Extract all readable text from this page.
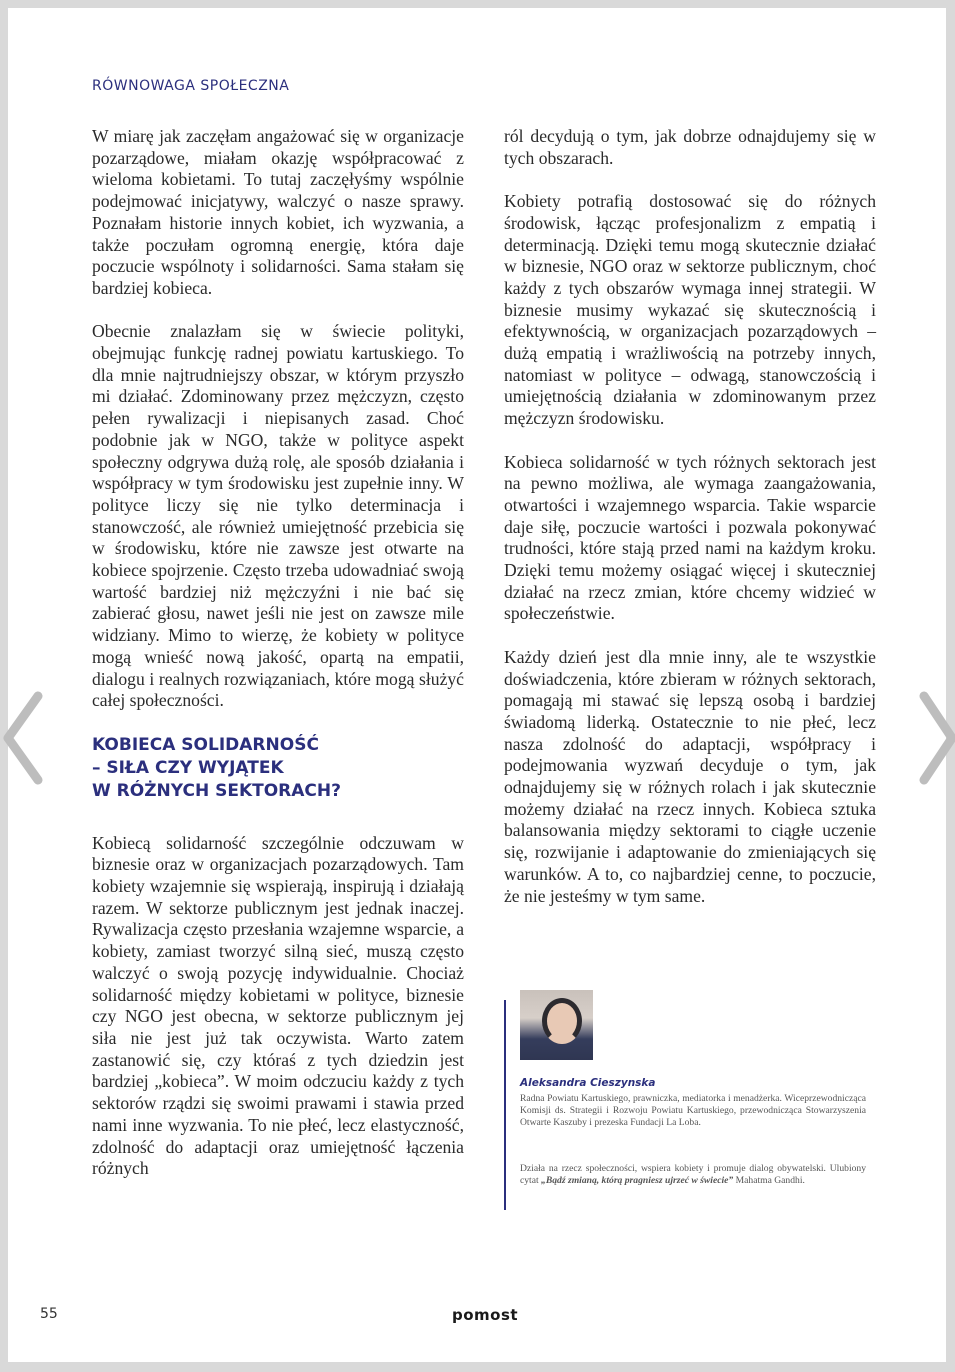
RÓWNOWAGA SPOŁECZNA

W miarę jak zaczęłam angażować się w organizacje pozarządowe, miałam okazję współpracować z wieloma kobietami. To tutaj zaczęłyśmy wspólnie podejmować inicjatywy, walczyć o nasze sprawy. Poznałam historie innych kobiet, ich wyzwania, a także poczułam ogromną energię, która daje poczucie wspólnoty i solidarności. Sama stałam się bardziej kobieca.

Obecnie znalazłam się w świecie polityki, obejmując funkcję radnej powiatu kartuskiego. To dla mnie najtrudniejszy obszar, w którym przyszło mi działać. Zdominowany przez mężczyzn, często pełen rywalizacji i niepisanych zasad. Choć podobnie jak w NGO, także w polityce aspekt społeczny odgrywa dużą rolę, ale sposób działania i współpracy w tym środowisku jest zupełnie inny. W polityce liczy się nie tylko determinacja i stanowczość, ale również umiejętność przebicia się w środowisku, które nie zawsze jest otwarte na kobiece spojrzenie. Często trzeba udowadniać swoją wartość bardziej niż mężczyźni i nie bać się zabierać głosu, nawet jeśli nie jest on zawsze mile widziany. Mimo to wierzę, że kobiety w polityce mogą wnieść nową jakość, opartą na empatii, dialogu i realnych rozwiązaniach, które mogą służyć całej społeczności.

KOBIECA SOLIDARNOŚĆ
– SIŁA CZY WYJĄTEK
W RÓŻNYCH SEKTORACH?

Kobiecą solidarność szczególnie odczuwam w biznesie oraz w organizacjach pozarządowych. Tam kobiety wzajemnie się wspierają, inspirują i działają razem. W sektorze publicznym jest jednak inaczej. Rywalizacja często przesłania wzajemne wsparcie, a kobiety, zamiast tworzyć silną sieć, muszą często walczyć o swoją pozycję indywidualnie. Chociaż solidarność między kobietami w polityce, biznesie czy NGO jest obecna, w sektorze publicznym jej siła nie jest już tak oczywista. Warto zatem zastanowić się, czy któraś z tych dziedzin jest bardziej „kobieca”. W moim odczuciu każdy z tych sektorów rządzi się swoimi prawami i stawia przed nami inne wyzwania. To nie płeć, lecz elastyczność, zdolność do adaptacji oraz umiejętność łączenia różnych

ról decydują o tym, jak dobrze odnajdujemy się w tych obszarach.

Kobiety potrafią dostosować się do różnych środowisk, łącząc profesjonalizm z empatią i determinacją. Dzięki temu mogą skutecznie działać w biznesie, NGO oraz w sektorze publicznym, choć każdy z tych obszarów wymaga innej strategii. W biznesie musimy wykazać się skutecznością i efektywnością, w organizacjach pozarządowych – dużą empatią i wrażliwością na potrzeby innych, natomiast w polityce – odwagą, stanowczością i umiejętnością działania w zdominowanym przez mężczyzn środowisku.

Kobieca solidarność w tych różnych sektorach jest na pewno możliwa, ale wymaga zaangażowania, otwartości i wzajemnego wsparcia. Takie wsparcie daje siłę, poczucie wartości i pozwala pokonywać trudności, które stają przed nami na każdym kroku. Dzięki temu możemy osiągać więcej i skuteczniej działać na rzecz zmian, które chcemy widzieć w społeczeństwie.

Każdy dzień jest dla mnie inny, ale te wszystkie doświadczenia, które zbieram w różnych sektorach, pomagają mi stawać się lepszą osobą i bardziej świadomą liderką. Ostatecznie to nie płeć, lecz nasza zdolność do adaptacji, współpracy i podejmowania wyzwań decyduje o tym, jak odnajdujemy się w różnych rolach i jak skutecznie możemy działać na rzecz innych. Kobieca sztuka balansowania między sektorami to ciągłe uczenie się, rozwijanie i adaptowanie do zmieniających się warunków. A to, co najbardziej cenne, to poczucie, że nie jesteśmy w tym same.

Aleksandra Cieszynska
Radna Powiatu Kartuskiego, prawniczka, mediatorka i menadżerka. Wiceprzewodnicząca Komisji ds. Strategii i Rozwoju Powiatu Kartuskiego, przewodnicząca Stowarzyszenia Otwarte Kaszuby i prezeska Fundacji La Loba.
Działa na rzecz społeczności, wspiera kobiety i promuje dialog obywatelski. Ulubiony cytat „Bądź zmianą, którą pragniesz ujrzeć w świecie” Mahatma Gandhi.
55	pomost
